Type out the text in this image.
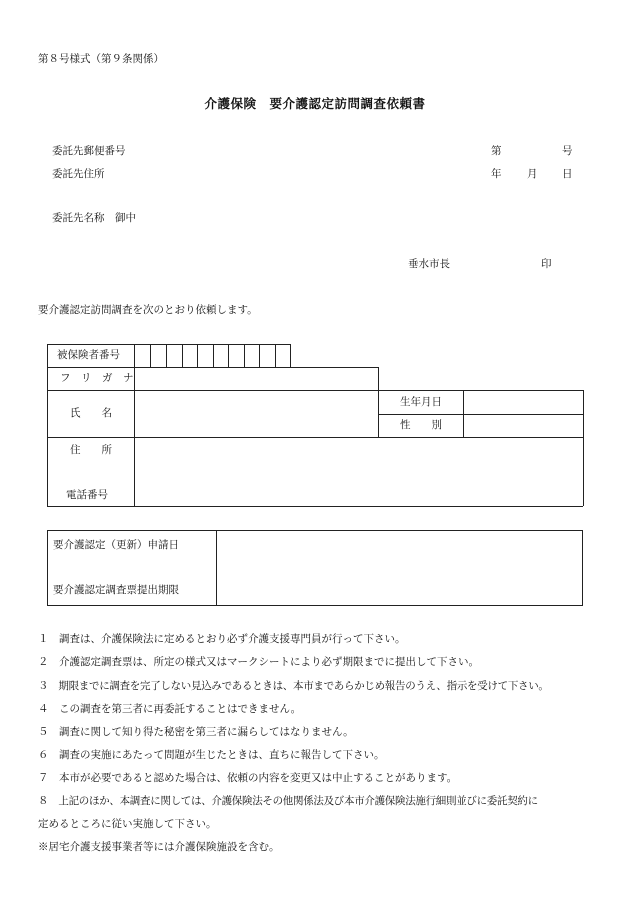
第８号様式（第９条関係）
介護保険　要介護認定訪問調査依頼書
委託先郵便番号
委託先住所
第	号
年 月 日
委託先名称　御中
垂水市長	印
要介護認定訪問調査を次のとおり依頼します。
被保険者番号
フ　リ　ガ　ナ
氏　　名
生年月日
性　　別
住　　所
電話番号
要介護認定（更新）申請日
要介護認定調査票提出期限
１　調査は、介護保険法に定めるとおり必ず介護支援専門員が行って下さい。
２　介護認定調査票は、所定の様式又はマークシートにより必ず期限までに提出して下さい。
３　期限までに調査を完了しない見込みであるときは、本市まであらかじめ報告のうえ、指示を受けて下さい。
４　この調査を第三者に再委託することはできません。
５　調査に関して知り得た秘密を第三者に漏らしてはなりません。
６　調査の実施にあたって問題が生じたときは、直ちに報告して下さい。
７　本市が必要であると認めた場合は、依頼の内容を変更又は中止することがあります。
８　上記のほか、本調査に関しては、介護保険法その他関係法及び本市介護保険法施行細則並びに委託契約に
定めるところに従い実施して下さい。
※居宅介護支援事業者等には介護保険施設を含む。
